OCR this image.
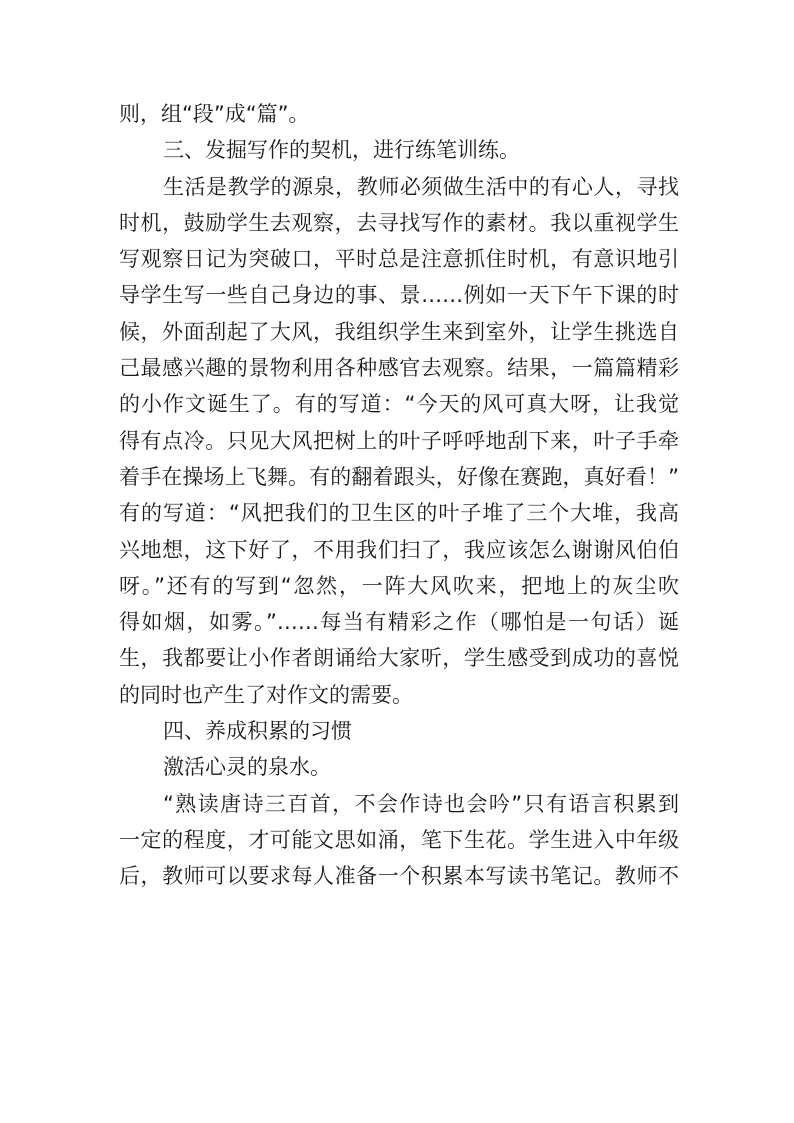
则，组“段”成“篇”。
三、发掘写作的契机，进行练笔训练。
生活是教学的源泉，教师必须做生活中的有心人，寻找
时机，鼓励学生去观察，去寻找写作的素材。我以重视学生
写观察日记为突破口，平时总是注意抓住时机，有意识地引
导学生写一些自己身边的事、景……例如一天下午下课的时
候，外面刮起了大风，我组织学生来到室外，让学生挑选自
己最感兴趣的景物利用各种感官去观察。结果，一篇篇精彩
的小作文诞生了。有的写道：“今天的风可真大呀，让我觉
得有点冷。只见大风把树上的叶子呼呼地刮下来，叶子手牵
着手在操场上飞舞。有的翻着跟头，好像在赛跑，真好看！”
有的写道：“风把我们的卫生区的叶子堆了三个大堆，我高
兴地想，这下好了，不用我们扫了，我应该怎么谢谢风伯伯
呀。”还有的写到“忽然，一阵大风吹来，把地上的灰尘吹
得如烟，如雾。”……每当有精彩之作（哪怕是一句话）诞
生，我都要让小作者朗诵给大家听，学生感受到成功的喜悦
的同时也产生了对作文的需要。
四、养成积累的习惯
激活心灵的泉水。
“熟读唐诗三百首，不会作诗也会吟”只有语言积累到
一定的程度，才可能文思如涌，笔下生花。学生进入中年级
后，教师可以要求每人准备一个积累本写读书笔记。教师不
